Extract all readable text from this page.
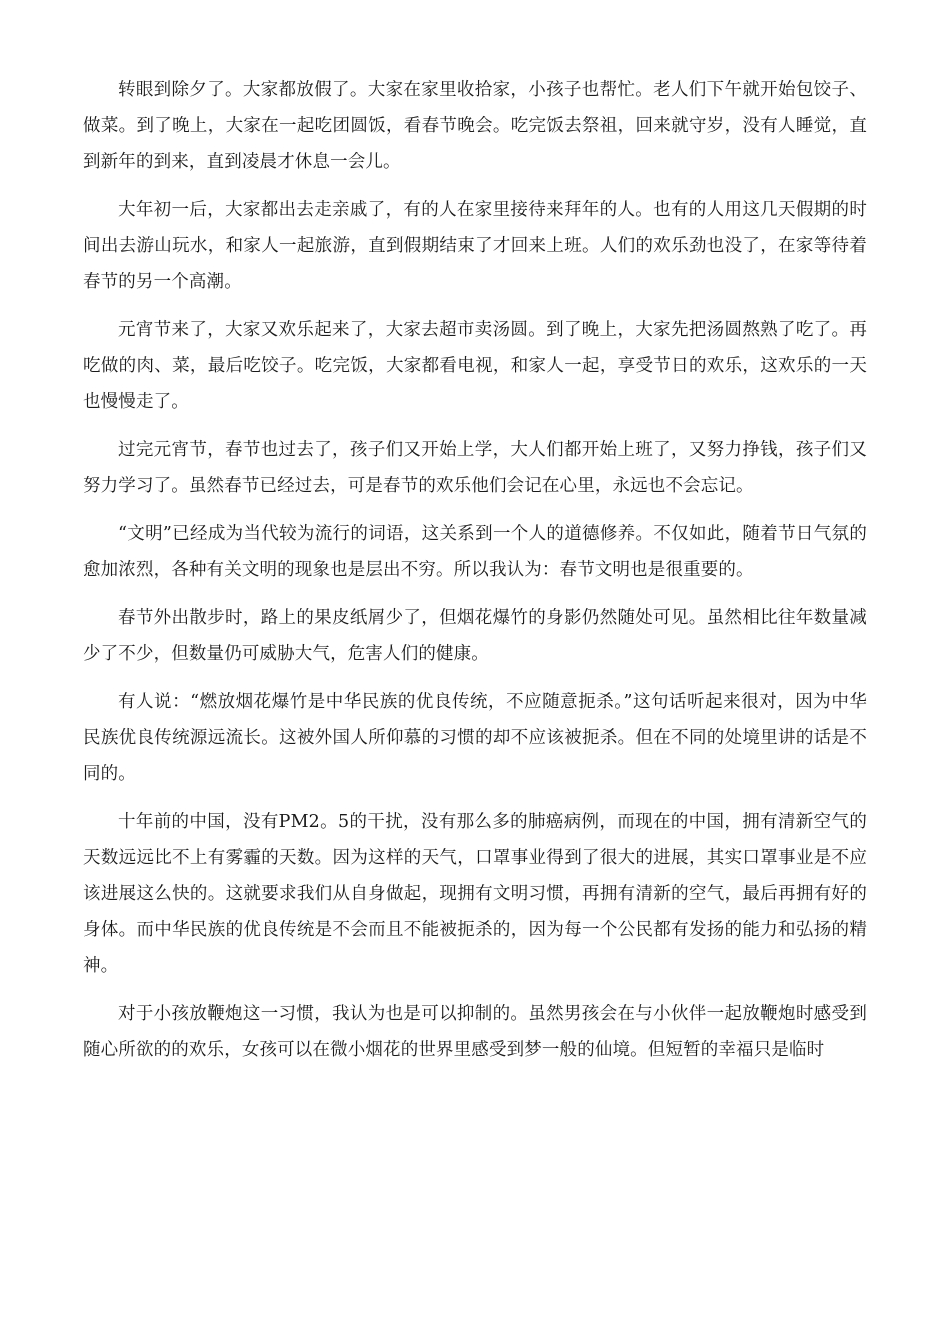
转眼到除夕了。大家都放假了。大家在家里收拾家，小孩子也帮忙。老人们下午就开始包饺子、做菜。到了晚上，大家在一起吃团圆饭，看春节晚会。吃完饭去祭祖，回来就守岁，没有人睡觉，直到新年的到来，直到凌晨才休息一会儿。

大年初一后，大家都出去走亲戚了，有的人在家里接待来拜年的人。也有的人用这几天假期的时间出去游山玩水，和家人一起旅游，直到假期结束了才回来上班。人们的欢乐劲也没了，在家等待着春节的另一个高潮。

元宵节来了，大家又欢乐起来了，大家去超市卖汤圆。到了晚上，大家先把汤圆熬熟了吃了。再吃做的肉、菜，最后吃饺子。吃完饭，大家都看电视，和家人一起，享受节日的欢乐，这欢乐的一天也慢慢走了。

过完元宵节，春节也过去了，孩子们又开始上学，大人们都开始上班了，又努力挣钱，孩子们又努力学习了。虽然春节已经过去，可是春节的欢乐他们会记在心里，永远也不会忘记。

“文明”已经成为当代较为流行的词语，这关系到一个人的道德修养。不仅如此，随着节日气氛的愈加浓烈，各种有关文明的现象也是层出不穷。所以我认为：春节文明也是很重要的。

春节外出散步时，路上的果皮纸屑少了，但烟花爆竹的身影仍然随处可见。虽然相比往年数量减少了不少，但数量仍可威胁大气，危害人们的健康。

有人说：“燃放烟花爆竹是中华民族的优良传统，不应随意扼杀。”这句话听起来很对，因为中华民族优良传统源远流长。这被外国人所仰慕的习惯的却不应该被扼杀。但在不同的处境里讲的话是不同的。

十年前的中国，没有PM2。5的干扰，没有那么多的肺癌病例，而现在的中国，拥有清新空气的天数远远比不上有雾霾的天数。因为这样的天气，口罩事业得到了很大的进展，其实口罩事业是不应该进展这么快的。这就要求我们从自身做起，现拥有文明习惯，再拥有清新的空气，最后再拥有好的身体。而中华民族的优良传统是不会而且不能被扼杀的，因为每一个公民都有发扬的能力和弘扬的精神。

对于小孩放鞭炮这一习惯，我认为也是可以抑制的。虽然男孩会在与小伙伴一起放鞭炮时感受到随心所欲的的欢乐，女孩可以在微小烟花的世界里感受到梦一般的仙境。但短暂的幸福只是临时
